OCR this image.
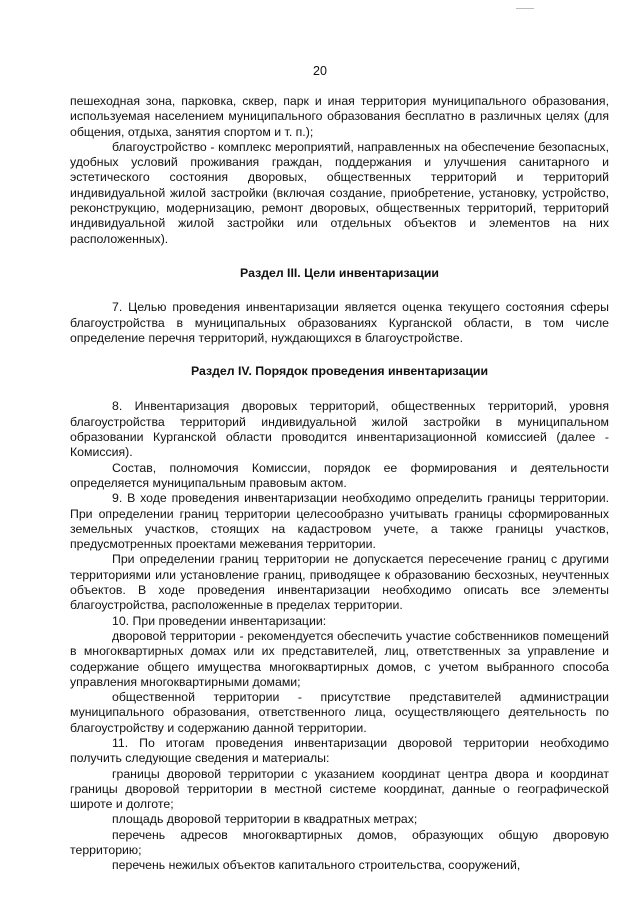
20

пешеходная зона, парковка, сквер, парк и иная территория муниципального образования, используемая населением муниципального образования бесплатно в различных целях (для общения, отдыха, занятия спортом и т. п.);

благоустройство - комплекс мероприятий, направленных на обеспечение безопасных, удобных условий проживания граждан, поддержания и улучшения санитарного и эстетического состояния дворовых, общественных территорий и территорий индивидуальной жилой застройки (включая создание, приобретение, установку, устройство, реконструкцию, модернизацию, ремонт дворовых, общественных территорий, территорий индивидуальной жилой застройки или отдельных объектов и элементов на них расположенных).

Раздел III. Цели инвентаризации

7. Целью проведения инвентаризации является оценка текущего состояния сферы благоустройства в муниципальных образованиях Курганской области, в том числе определение перечня территорий, нуждающихся в благоустройстве.

Раздел IV. Порядок проведения инвентаризации

8. Инвентаризация дворовых территорий, общественных территорий, уровня благоустройства территорий индивидуальной жилой застройки в муниципальном образовании Курганской области проводится инвентаризационной комиссией (далее - Комиссия).

Состав, полномочия Комиссии, порядок ее формирования и деятельности определяется муниципальным правовым актом.

9. В ходе проведения инвентаризации необходимо определить границы территории. При определении границ территории целесообразно учитывать границы сформированных земельных участков, стоящих на кадастровом учете, а также границы участков, предусмотренных проектами межевания территории.

При определении границ территории не допускается пересечение границ с другими территориями или установление границ, приводящее к образованию бесхозных, неучтенных объектов. В ходе проведения инвентаризации необходимо описать все элементы благоустройства, расположенные в пределах территории.

10. При проведении инвентаризации:

дворовой территории - рекомендуется обеспечить участие собственников помещений в многоквартирных домах или их представителей, лиц, ответственных за управление и содержание общего имущества многоквартирных домов, с учетом выбранного способа управления многоквартирными домами;

общественной территории - присутствие представителей администрации муниципального образования, ответственного лица, осуществляющего деятельность по благоустройству и содержанию данной территории.

11. По итогам проведения инвентаризации дворовой территории необходимо получить следующие сведения и материалы:

границы дворовой территории с указанием координат центра двора и координат границы дворовой территории в местной системе координат, данные о географической широте и долготе;

площадь дворовой территории в квадратных метрах;

перечень адресов многоквартирных домов, образующих общую дворовую территорию;

перечень нежилых объектов капитального строительства, сооружений,
